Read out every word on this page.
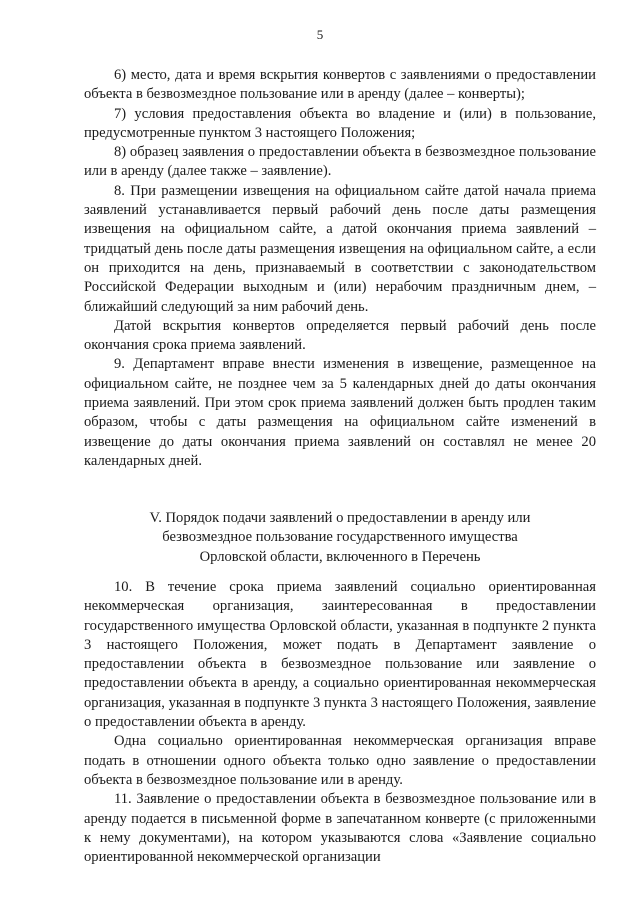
5

6) место, дата и время вскрытия конвертов с заявлениями о предоставлении объекта в безвозмездное пользование или в аренду (далее – конверты);

7) условия предоставления объекта во владение и (или) в пользование, предусмотренные пунктом 3 настоящего Положения;

8) образец заявления о предоставлении объекта в безвозмездное пользование или в аренду (далее также – заявление).

8. При размещении извещения на официальном сайте датой начала приема заявлений устанавливается первый рабочий день после даты размещения извещения на официальном сайте, а датой окончания приема заявлений – тридцатый день после даты размещения извещения на официальном сайте, а если он приходится на день, признаваемый в соответствии с законодательством Российской Федерации выходным и (или) нерабочим праздничным днем, – ближайший следующий за ним рабочий день.

Датой вскрытия конвертов определяется первый рабочий день после окончания срока приема заявлений.

9. Департамент вправе внести изменения в извещение, размещенное на официальном сайте, не позднее чем за 5 календарных дней до даты окончания приема заявлений. При этом срок приема заявлений должен быть продлен таким образом, чтобы с даты размещения на официальном сайте изменений в извещение до даты окончания приема заявлений он составлял не менее 20 календарных дней.

V. Порядок подачи заявлений о предоставлении в аренду или
безвозмездное пользование государственного имущества
Орловской области, включенного в Перечень

10. В течение срока приема заявлений социально ориентированная некоммерческая организация, заинтересованная в предоставлении государственного имущества Орловской области, указанная в подпункте 2 пункта 3 настоящего Положения, может подать в Департамент заявление о предоставлении объекта в безвозмездное пользование или заявление о предоставлении объекта в аренду, а социально ориентированная некоммерческая организация, указанная в подпункте 3 пункта 3 настоящего Положения, заявление о предоставлении объекта в аренду.

Одна социально ориентированная некоммерческая организация вправе подать в отношении одного объекта только одно заявление о предоставлении объекта в безвозмездное пользование или в аренду.

11. Заявление о предоставлении объекта в безвозмездное пользование или в аренду подается в письменной форме в запечатанном конверте (с приложенными к нему документами), на котором указываются слова «Заявление социально ориентированной некоммерческой организации
